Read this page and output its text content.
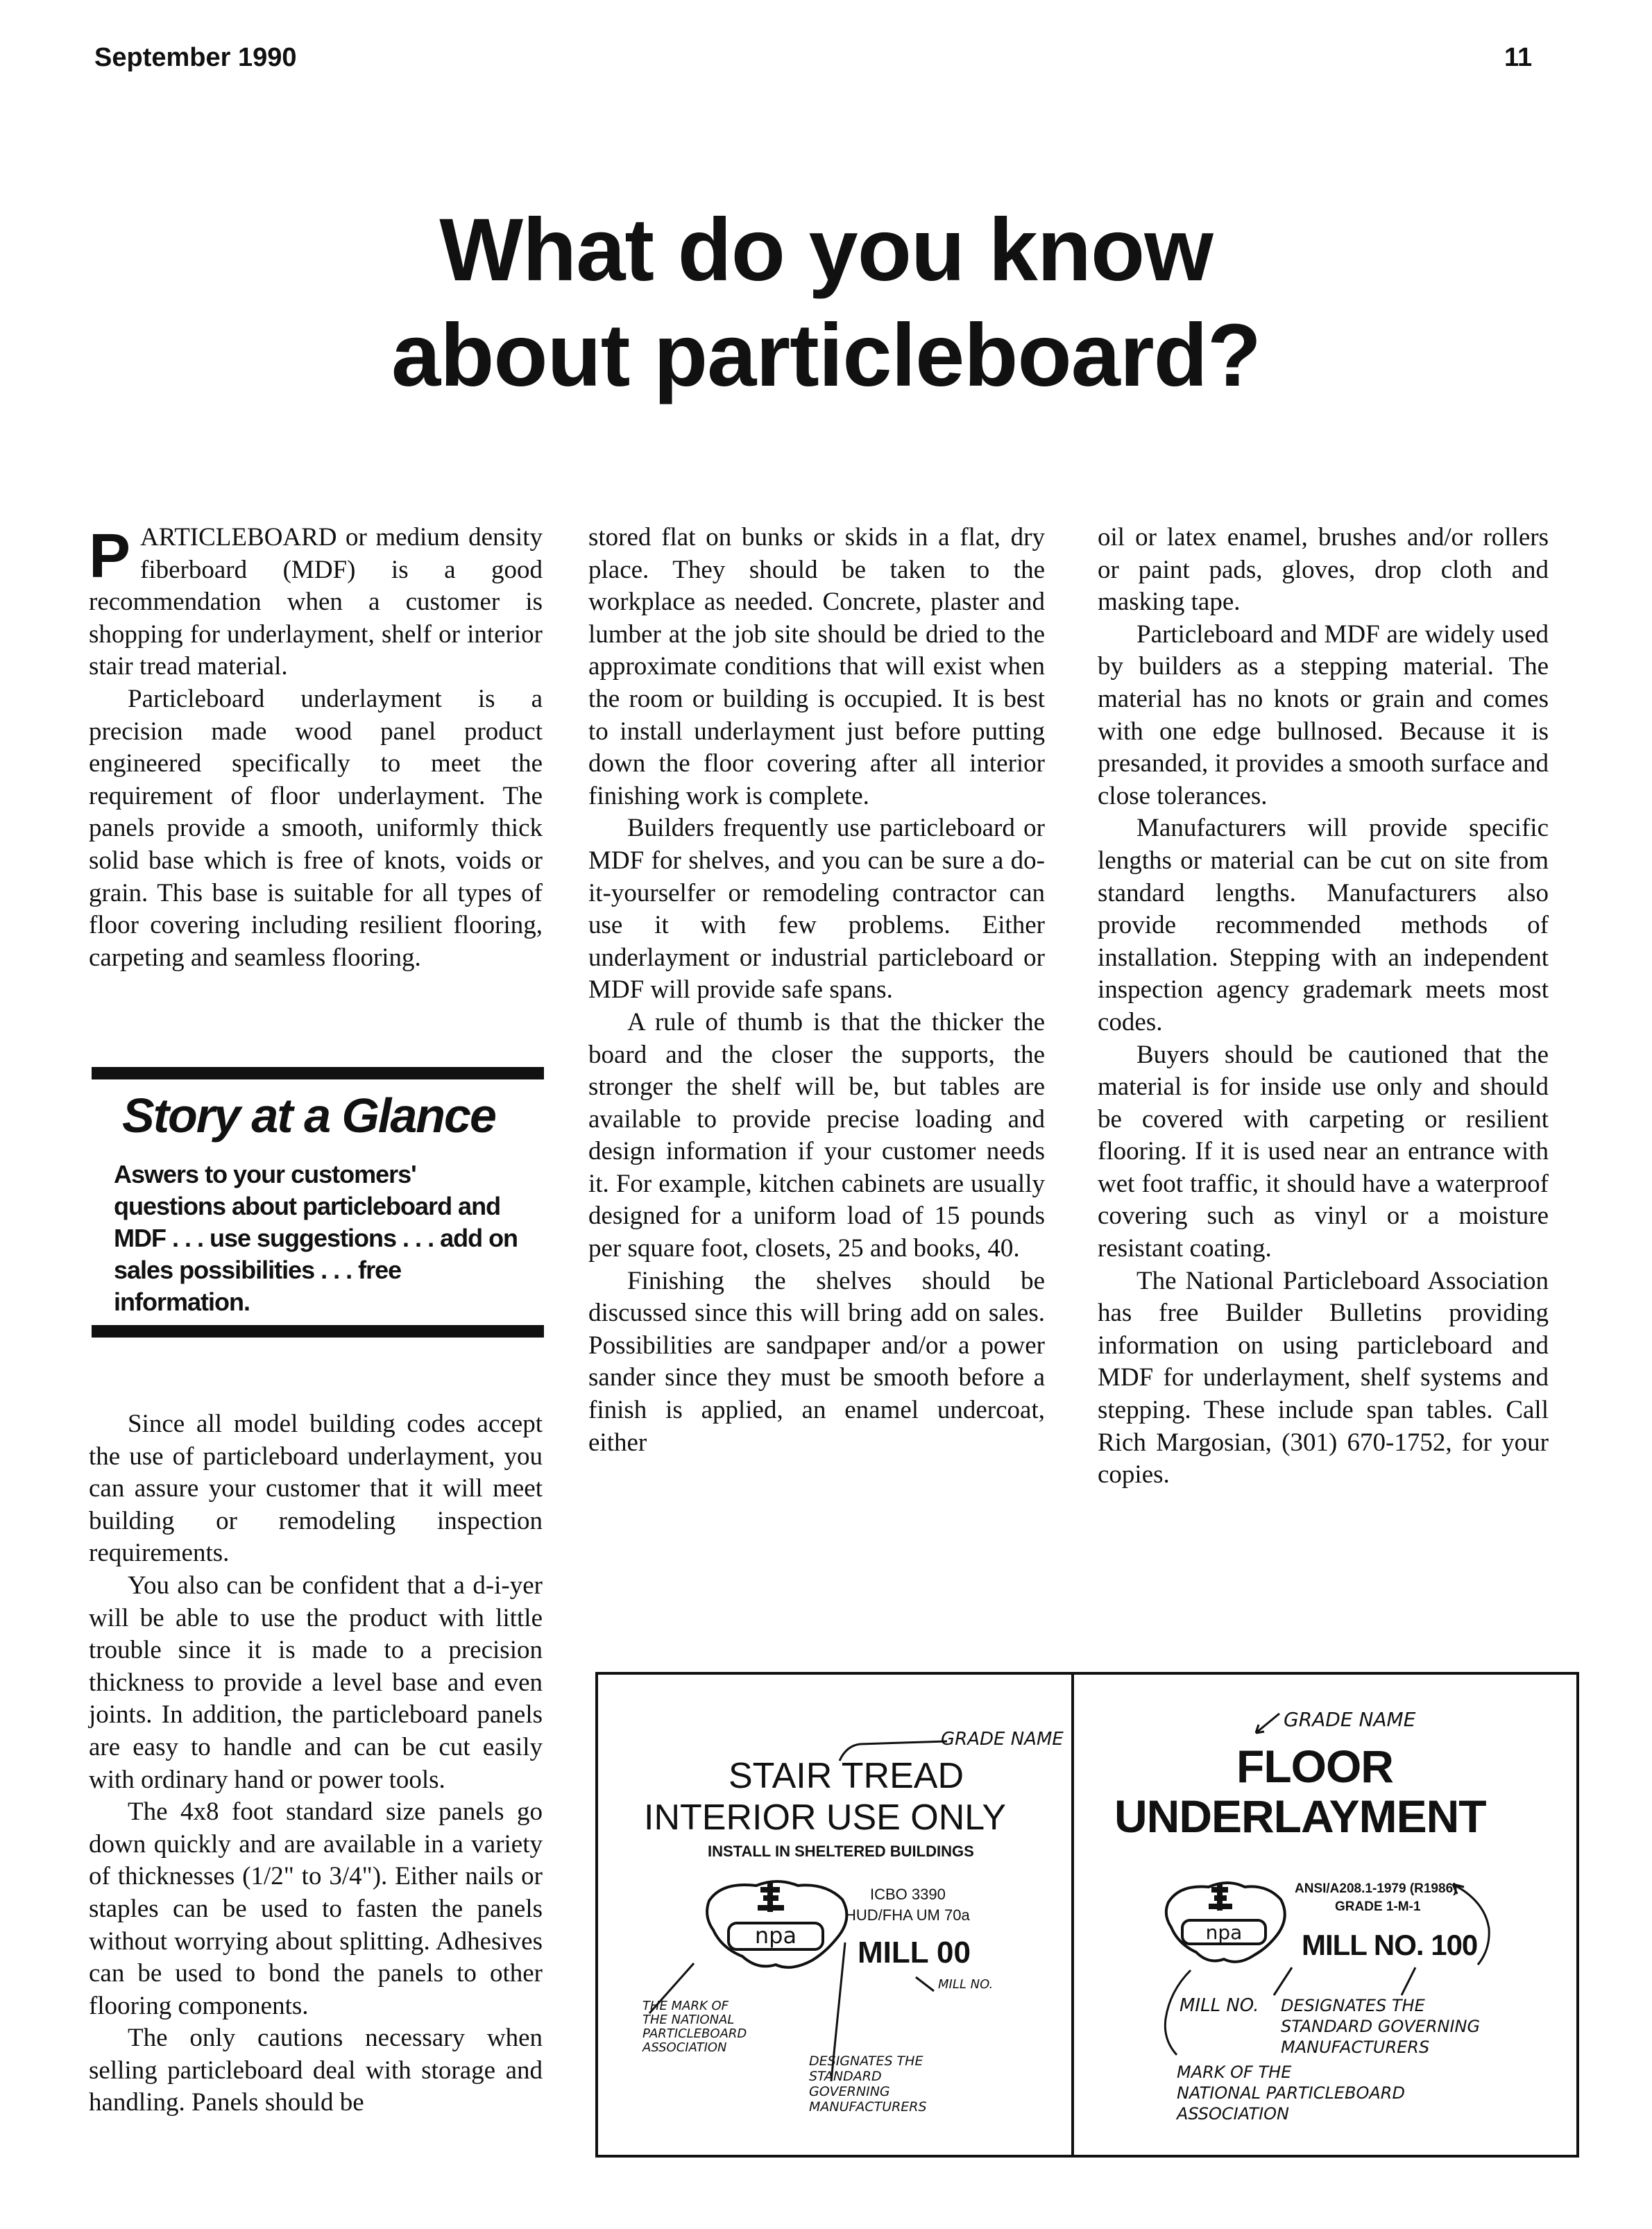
September 1990	11
What do you know
about particleboard?
P ARTICLEBOARD or medium density fiberboard (MDF) is a good recommendation when a customer is shopping for underlayment, shelf or interior stair tread material.

Particleboard underlayment is a precision made wood panel product engineered specifically to meet the requirement of floor underlayment. The panels provide a smooth, uniformly thick solid base which is free of knots, voids or grain. This base is suitable for all types of floor covering including resilient flooring, carpeting and seamless flooring.

Story at a Glance
Aswers to your customers' questions about particleboard and MDF . . . use suggestions . . . add on sales possibilities . . . free information.

Since all model building codes accept the use of particleboard underlayment, you can assure your customer that it will meet building or remodeling inspection requirements.

You also can be confident that a d-i-yer will be able to use the product with little trouble since it is made to a precision thickness to provide a level base and even joints. In addition, the particleboard panels are easy to handle and can be cut easily with ordinary hand or power tools.

The 4x8 foot standard size panels go down quickly and are available in a variety of thicknesses (1/2" to 3/4"). Either nails or staples can be used to fasten the panels without worrying about splitting. Adhesives can be used to bond the panels to other flooring components.

The only cautions necessary when selling particleboard deal with storage and handling. Panels should be

stored flat on bunks or skids in a flat, dry place. They should be taken to the workplace as needed. Concrete, plaster and lumber at the job site should be dried to the approximate conditions that will exist when the room or building is occupied. It is best to install underlayment just before putting down the floor covering after all interior finishing work is complete.

Builders frequently use particleboard or MDF for shelves, and you can be sure a do-it-yourselfer or remodeling contractor can use it with few problems. Either underlayment or industrial particleboard or MDF will provide safe spans.

A rule of thumb is that the thicker the board and the closer the supports, the stronger the shelf will be, but tables are available to provide precise loading and design information if your customer needs it. For example, kitchen cabinets are usually designed for a uniform load of 15 pounds per square foot, closets, 25 and books, 40.

Finishing the shelves should be discussed since this will bring add on sales. Possibilities are sandpaper and/or a power sander since they must be smooth before a finish is applied, an enamel undercoat, either

oil or latex enamel, brushes and/or rollers or paint pads, gloves, drop cloth and masking tape.

Particleboard and MDF are widely used by builders as a stepping material. The material has no knots or grain and comes with one edge bullnosed. Because it is presanded, it provides a smooth surface and close tolerances.

Manufacturers will provide specific lengths or material can be cut on site from standard lengths. Manufacturers also provide recommended methods of installation. Stepping with an independent inspection agency grademark meets most codes.

Buyers should be cautioned that the material is for inside use only and should be covered with carpeting or resilient flooring. If it is used near an entrance with wet foot traffic, it should have a waterproof covering such as vinyl or a moisture resistant coating.

The National Particleboard Association has free Builder Bulletins providing information on using particleboard and MDF for underlayment, shelf systems and stepping. These include span tables. Call Rich Margosian, (301) 670-1752, for your copies.

GRADE NAME
STAIR TREAD
INTERIOR USE ONLY
INSTALL IN SHELTERED BUILDINGS
npa
ICBO 3390
HUD/FHA UM 70a
MILL 00
MILL NO.
THE MARK OF
THE NATIONAL
PARTICLEBOARD
ASSOCIATION
DESIGNATES THE
STANDARD
GOVERNING
MANUFACTURERS
GRADE NAME
FLOOR
UNDERLAYMENT
npa
ANSI/A208.1-1979 (R1986)
GRADE 1-M-1
MILL NO. 100
MILL NO. DESIGNATES THE
STANDARD GOVERNING
MANUFACTURERS
MARK OF THE
NATIONAL PARTICLEBOARD
ASSOCIATION
